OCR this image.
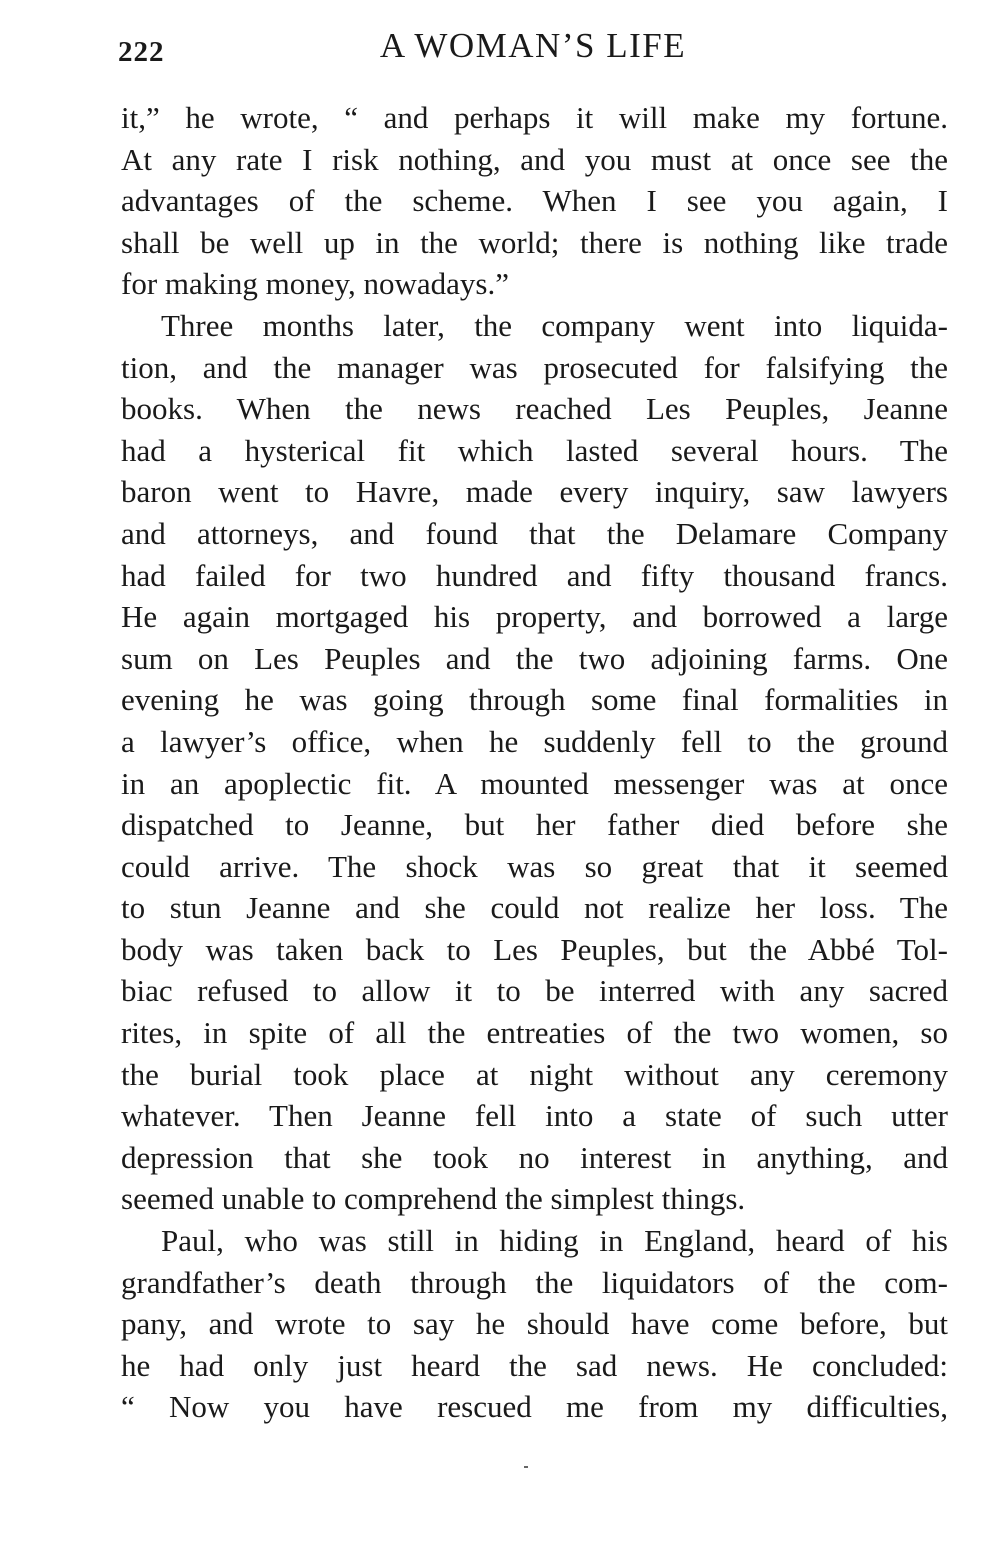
222	A WOMAN’S LIFE

it,” he wrote, “ and perhaps it will make my fortune.
At any rate I risk nothing, and you must at once see the
advantages of the scheme. When I see you again, I
shall be well up in the world; there is nothing like trade
for making money, nowadays.”

Three months later, the company went into liquida-
tion, and the manager was prosecuted for falsifying the
books. When the news reached Les Peuples, Jeanne
had a hysterical fit which lasted several hours. The
baron went to Havre, made every inquiry, saw lawyers
and attorneys, and found that the Delamare Company
had failed for two hundred and fifty thousand francs.
He again mortgaged his property, and borrowed a large
sum on Les Peuples and the two adjoining farms. One
evening he was going through some final formalities in
a lawyer’s office, when he suddenly fell to the ground
in an apoplectic fit. A mounted messenger was at once
dispatched to Jeanne, but her father died before she
could arrive. The shock was so great that it seemed
to stun Jeanne and she could not realize her loss. The
body was taken back to Les Peuples, but the Abbé Tol-
biac refused to allow it to be interred with any sacred
rites, in spite of all the entreaties of the two women, so
the burial took place at night without any ceremony
whatever. Then Jeanne fell into a state of such utter
depression that she took no interest in anything, and
seemed unable to comprehend the simplest things.

Paul, who was still in hiding in England, heard of his
grandfather’s death through the liquidators of the com-
pany, and wrote to say he should have come before, but
he had only just heard the sad news. He concluded:
“ Now you have rescued me from my difficulties,
